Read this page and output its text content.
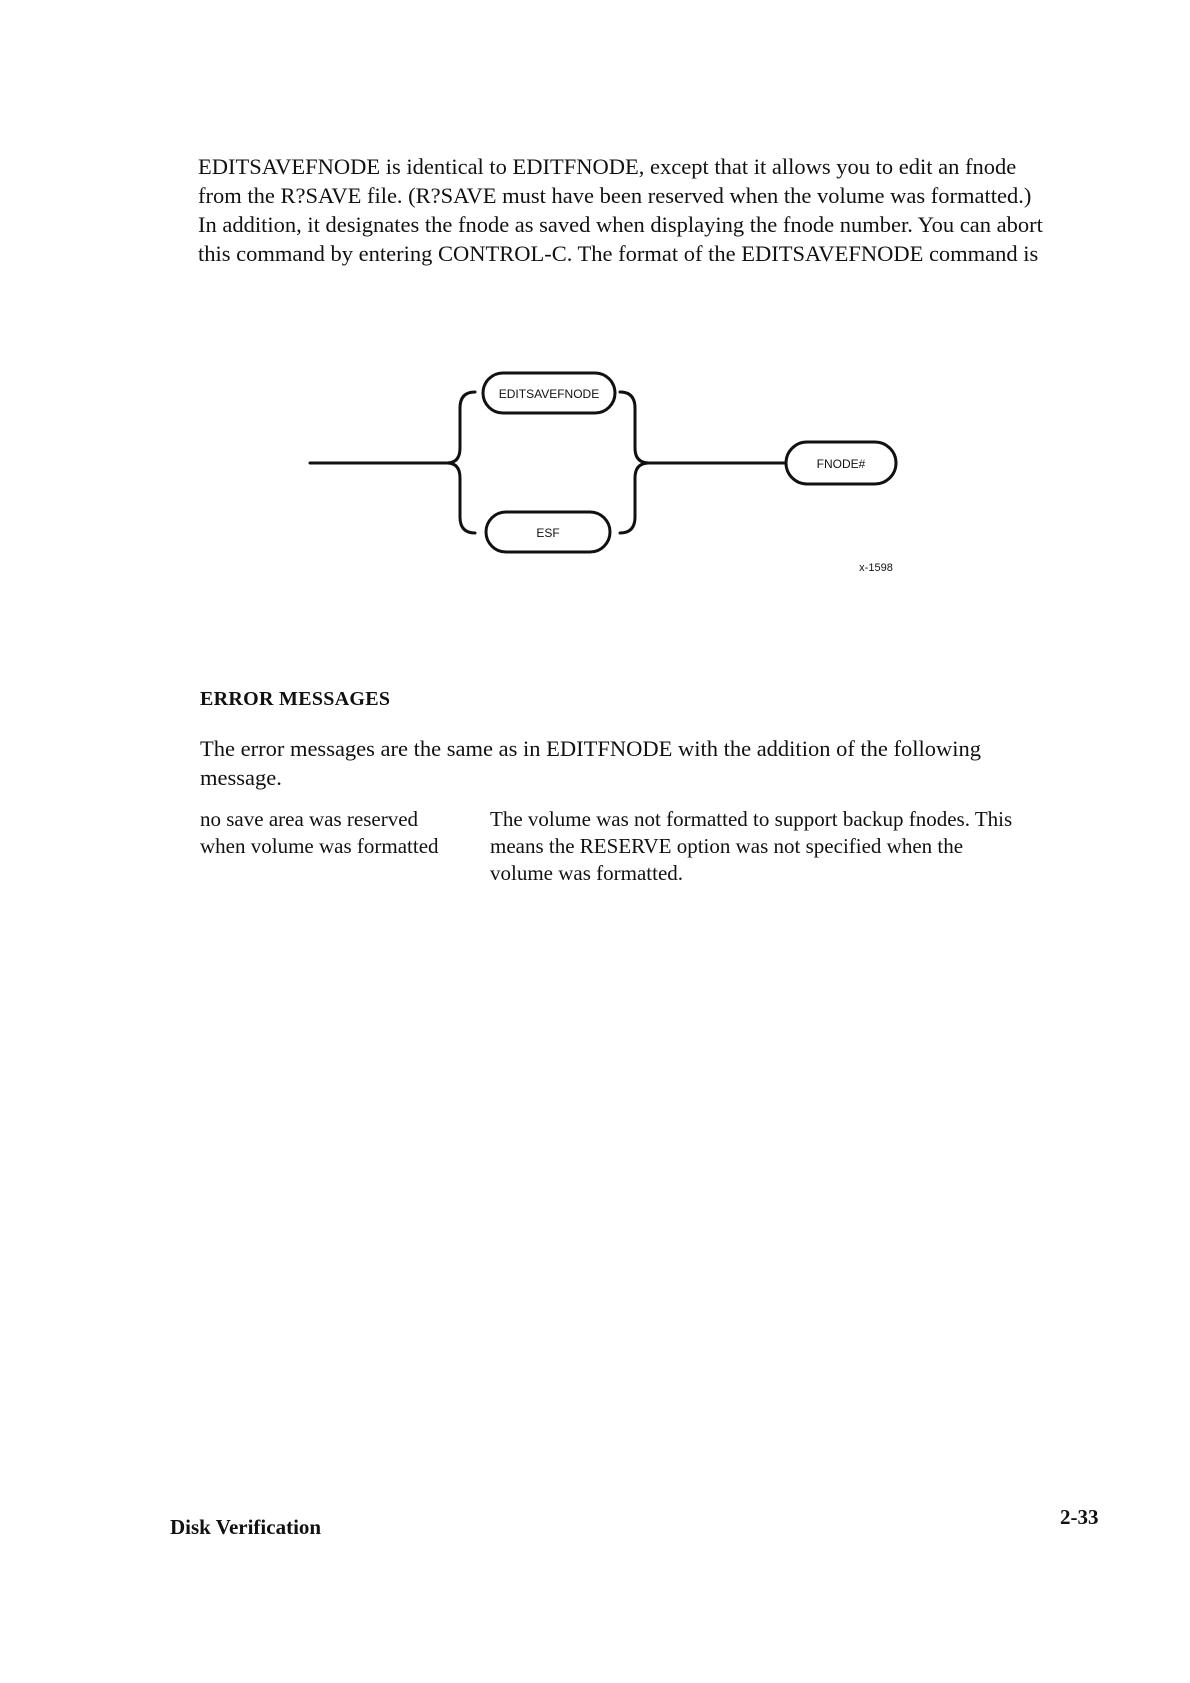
EDITSAVEFNODE is identical to EDITFNODE, except that it allows you to edit an fnode from the R?SAVE file. (R?SAVE must have been reserved when the volume was formatted.) In addition, it designates the fnode as saved when displaying the fnode number. You can abort this command by entering CONTROL-C. The format of the EDITSAVEFNODE command is

EDITSAVEFNODE
ESF
FNODE#
x-1598
ERROR MESSAGES

The error messages are the same as in EDITFNODE with the addition of the following message.

no save area was reserved when volume was formatted
The volume was not formatted to support backup fnodes. This means the RESERVE option was not specified when the volume was formatted.
Disk Verification	2-33
